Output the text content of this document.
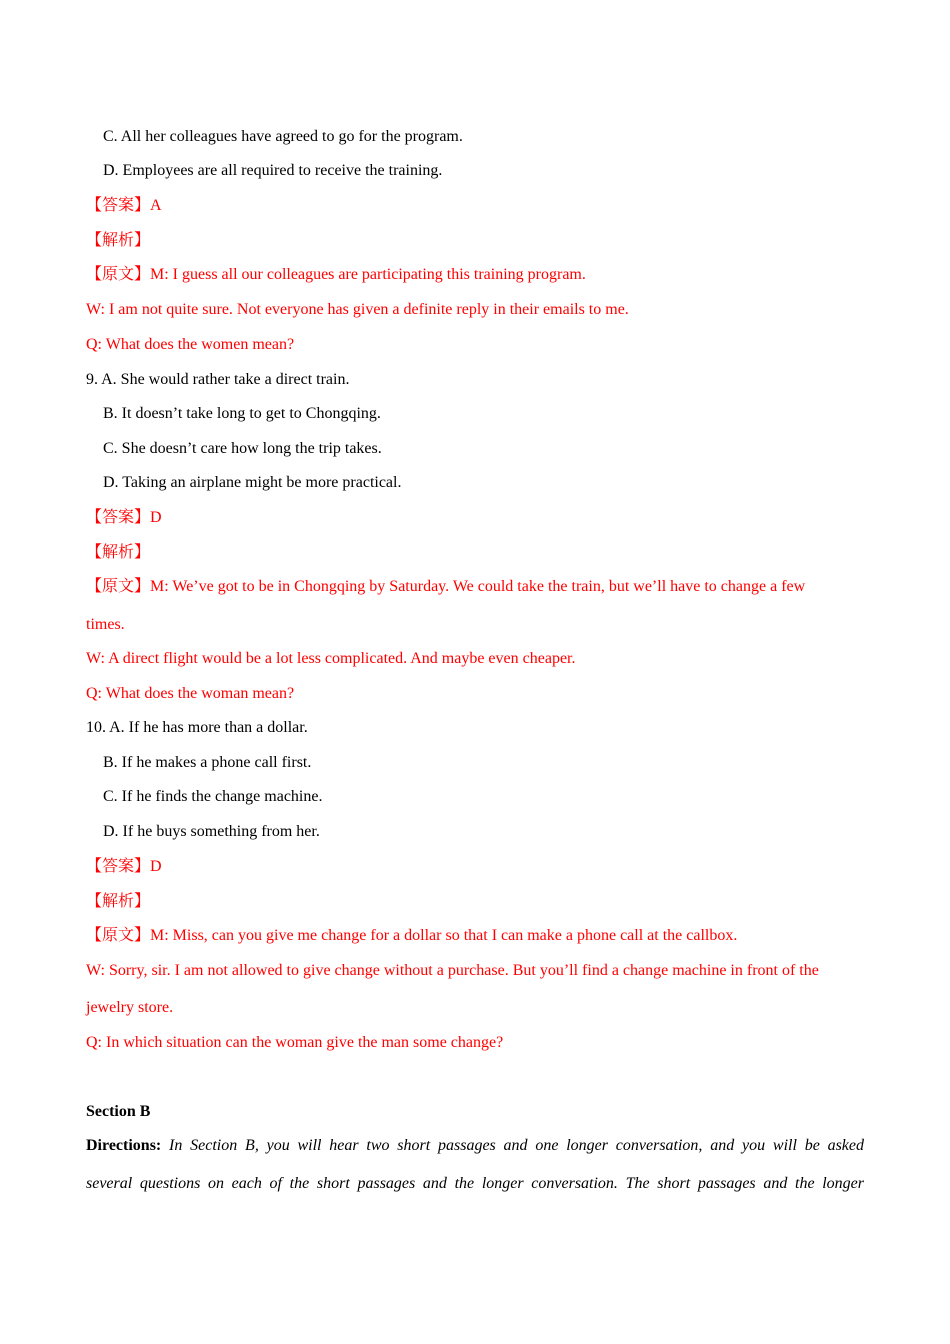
C. All her colleagues have agreed to go for the program.
D. Employees are all required to receive the training.
【答案】A
【解析】
【原文】M: I guess all our colleagues are participating this training program.
W: I am not quite sure. Not everyone has given a definite reply in their emails to me.
Q: What does the women mean?
9. A. She would rather take a direct train.
B. It doesn’t take long to get to Chongqing.
C. She doesn’t care how long the trip takes.
D. Taking an airplane might be more practical.
【答案】D
【解析】
【原文】M: We’ve got to be in Chongqing by Saturday. We could take the train, but we’ll have to change a few
times.
W: A direct flight would be a lot less complicated. And maybe even cheaper.
Q: What does the woman mean?
10. A. If he has more than a dollar.
B. If he makes a phone call first.
C. If he finds the change machine.
D. If he buys something from her.
【答案】D
【解析】
【原文】M: Miss, can you give me change for a dollar so that I can make a phone call at the callbox.
W: Sorry, sir. I am not allowed to give change without a purchase. But you’ll find a change machine in front of the
jewelry store.
Q: In which situation can the woman give the man some change?
Section B
Directions: In Section B, you will hear two short passages and one longer conversation, and you will be asked
several questions on each of the short passages and the longer conversation. The short passages and the longer
